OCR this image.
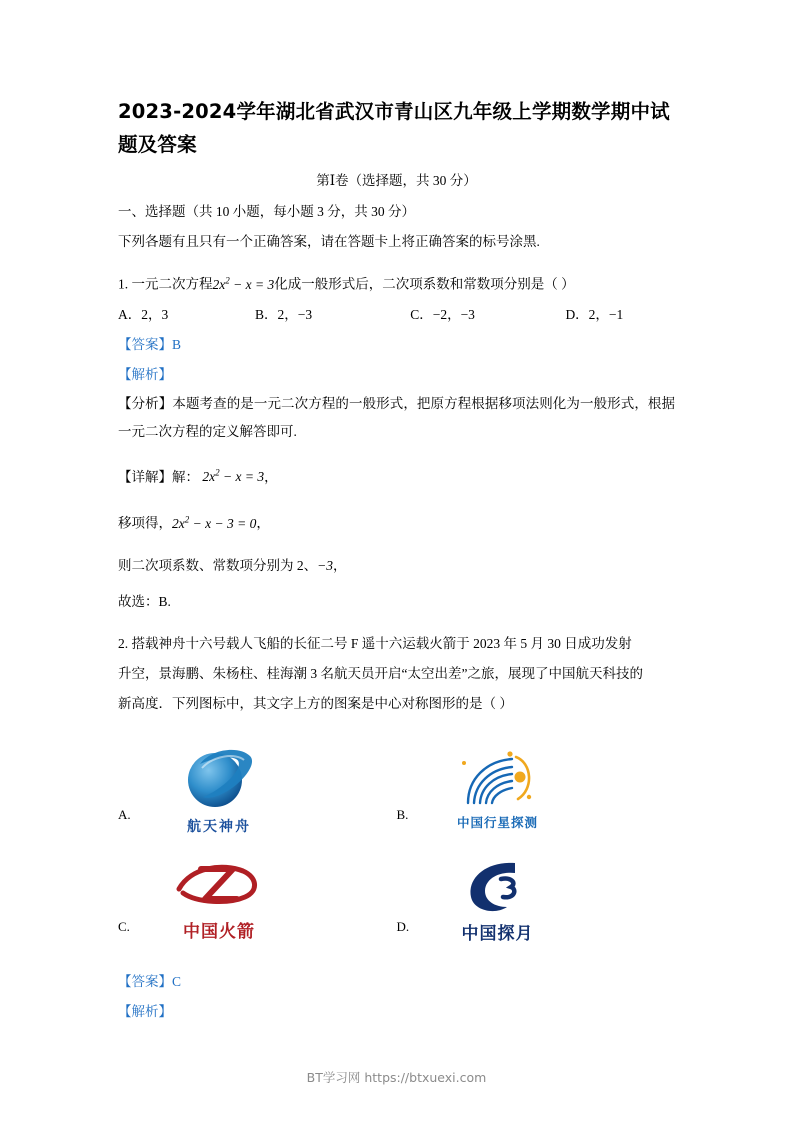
2023-2024学年湖北省武汉市青山区九年级上学期数学期中试题及答案
第Ⅰ卷（选择题，共 30 分）

一、选择题（共 10 小题，每小题 3 分，共 30 分）

下列各题有且只有一个正确答案，请在答题卡上将正确答案的标号涂黑.

1. 一元二次方程$2x^2 - x = 3$化成一般形式后，二次项系数和常数项分别是（ ）

A．2，3	B．2，−3	C．−2，−3	D．2，−1

【答案】B

【解析】

【分析】本题考查的是一元二次方程的一般形式，把原方程根据移项法则化为一般形式，根据一元二次方程的定义解答即可.

【详解】解： $2x^2 - x = 3$，

移项得，$2x^2 - x - 3 = 0$，

则二次项系数、常数项分别为 2、−3，

故选：B.

2. 搭载神舟十六号载人飞船的长征二号 F 遥十六运载火箭于 2023 年 5 月 30 日成功发射

升空，景海鹏、朱杨柱、桂海潮 3 名航天员开启“太空出差”之旅，展现了中国航天科技的

新高度．下列图标中，其文字上方的图案是中心对称图形的是（ ）

A.
航天神舟
B.
中国行星探测
C.	中国火箭	D.	中国探月

【答案】C

【解析】

BT学习网 https://btxuexi.com
